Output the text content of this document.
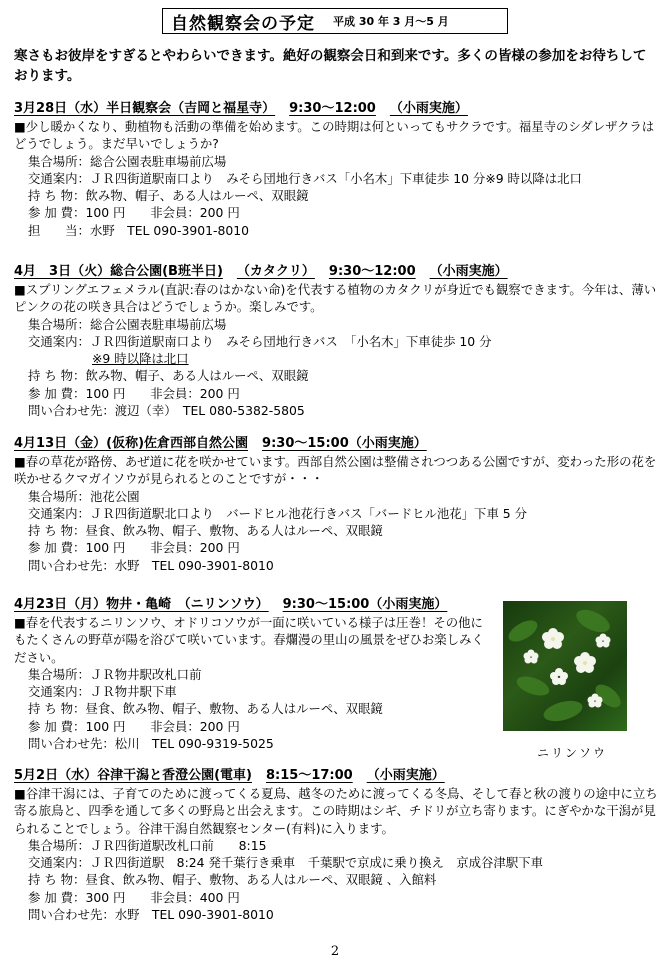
自然観察会の予定 平成 30 年 3 月～5 月
寒さもお彼岸をすぎるとやわらいできます。絶好の観察会日和到来です。多くの皆様の参加をお待ちしております。
3月28日（水）半日観察会（吉岡と福星寺） 9:30～12:00 （小雨実施）
■少し暖かくなり、動植物も活動の準備を始めます。この時期は何といってもサクラです。福星寺のシダレザクラはどうでしょう。まだ早いでしょうか?
集合場所：総合公園表駐車場前広場
交通案内：ＪＲ四街道駅南口より　みそら団地行きバス「小名木」下車徒歩 10 分※9 時以降は北口
持 ち 物：飲み物、帽子、ある人はルーペ、双眼鏡
参 加 費：100 円　　非会員：200 円
担　　当：水野　TEL 090-3901-8010
4月　3日（火）総合公園(B班半日) （カタクリ） 9:30～12:00 （小雨実施）
■スプリングエフェメラル(直訳:春のはかない命)を代表する植物のカタクリが身近でも観察できます。今年は、薄いピンクの花の咲き具合はどうでしょうか。楽しみです。
集合場所：総合公園表駐車場前広場
交通案内：ＪＲ四街道駅南口より　みそら団地行きバス　「小名木」下車徒歩 10 分
※9 時以降は北口
持 ち 物：飲み物、帽子、ある人はルーペ、双眼鏡
参 加 費：100 円　　非会員：200 円
問い合わせ先：渡辺（幸）　TEL 080-5382-5805
4月13日（金）(仮称)佐倉西部自然公園 9:30～15:00（小雨実施）
■春の草花が路傍、あぜ道に花を咲かせています。西部自然公園は整備されつつある公園ですが、変わった形の花を咲かせるクマガイソウが見られるとのことですが・・・
集合場所：池花公園
交通案内：ＪＲ四街道駅北口より　バードヒル池花行きバス「バードヒル池花」下車 5 分
持 ち 物：昼食、飲み物、帽子、敷物、ある人はルーペ、双眼鏡
参 加 費：100 円　　非会員：200 円
問い合わせ先：水野　TEL 090-3901-8010
4月23日（月）物井・亀崎　（ニリンソウ） 9:30～15:00（小雨実施）
■春を代表するニリンソウ、オドリコソウが一面に咲いている様子は圧巻！その他にもたくさんの野草が陽を浴びて咲いています。春爛漫の里山の風景をぜひお楽しみください。
集合場所：ＪＲ物井駅改札口前
交通案内：ＪＲ物井駅下車
持 ち 物：昼食、飲み物、帽子、敷物、ある人はルーペ、双眼鏡
参 加 費：100 円　　非会員：200 円
問い合わせ先：松川　TEL 090-9319-5025
ニリンソウ
5月2日（水）谷津干潟と香澄公園(電車) 8:15～17:00 （小雨実施）
■谷津干潟には、子育てのために渡ってくる夏鳥、越冬のために渡ってくる冬鳥、そして春と秋の渡りの途中に立ち寄る旅鳥と、四季を通して多くの野鳥と出会えます。この時期はシギ、チドリが立ち寄ります。にぎやかな干潟が見られることでしょう。谷津干潟自然観察センター(有料)に入ります。
集合場所：ＪＲ四街道駅改札口前　　8:15
交通案内：ＪＲ四街道駅　8:24 発千葉行き乗車　千葉駅で京成に乗り換え　京成谷津駅下車
持 ち 物：昼食、飲み物、帽子、敷物、ある人はルーペ、双眼鏡 、入館料
参 加 費：300 円　　非会員：400 円
問い合わせ先：水野　TEL 090-3901-8010
2
